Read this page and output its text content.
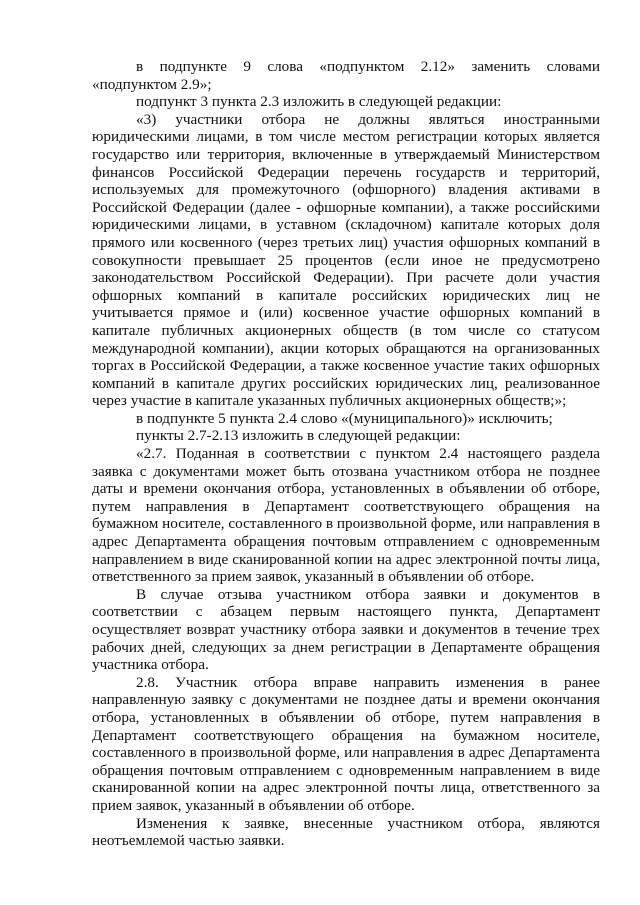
в подпункте 9 слова «подпунктом 2.12» заменить словами «подпунктом 2.9»;

подпункт 3 пункта 2.3 изложить в следующей редакции:

«3) участники отбора не должны являться иностранными юридическими лицами, в том числе местом регистрации которых является государство или территория, включенные в утверждаемый Министерством финансов Российской Федерации перечень государств и территорий, используемых для промежуточного (офшорного) владения активами в Российской Федерации (далее - офшорные компании), а также российскими юридическими лицами, в уставном (складочном) капитале которых доля прямого или косвенного (через третьих лиц) участия офшорных компаний в совокупности превышает 25 процентов (если иное не предусмотрено законодательством Российской Федерации). При расчете доли участия офшорных компаний в капитале российских юридических лиц не учитывается прямое и (или) косвенное участие офшорных компаний в капитале публичных акционерных обществ (в том числе со статусом международной компании), акции которых обращаются на организованных торгах в Российской Федерации, а также косвенное участие таких офшорных компаний в капитале других российских юридических лиц, реализованное через участие в капитале указанных публичных акционерных обществ;»;

в подпункте 5 пункта 2.4 слово «(муниципального)» исключить;

пункты 2.7-2.13 изложить в следующей редакции:

«2.7. Поданная в соответствии с пунктом 2.4 настоящего раздела заявка с документами может быть отозвана участником отбора не позднее даты и времени окончания отбора, установленных в объявлении об отборе, путем направления в Департамент соответствующего обращения на бумажном носителе, составленного в произвольной форме, или направления в адрес Департамента обращения почтовым отправлением с одновременным направлением в виде сканированной копии на адрес электронной почты лица, ответственного за прием заявок, указанный в объявлении об отборе.

В случае отзыва участником отбора заявки и документов в соответствии с абзацем первым настоящего пункта, Департамент осуществляет возврат участнику отбора заявки и документов в течение трех рабочих дней, следующих за днем регистрации в Департаменте обращения участника отбора.

2.8. Участник отбора вправе направить изменения в ранее направленную заявку с документами не позднее даты и времени окончания отбора, установленных в объявлении об отборе, путем направления в Департамент соответствующего обращения на бумажном носителе, составленного в произвольной форме, или направления в адрес Департамента обращения почтовым отправлением с одновременным направлением в виде сканированной копии на адрес электронной почты лица, ответственного за прием заявок, указанный в объявлении об отборе.

Изменения к заявке, внесенные участником отбора, являются неотъемлемой частью заявки.
